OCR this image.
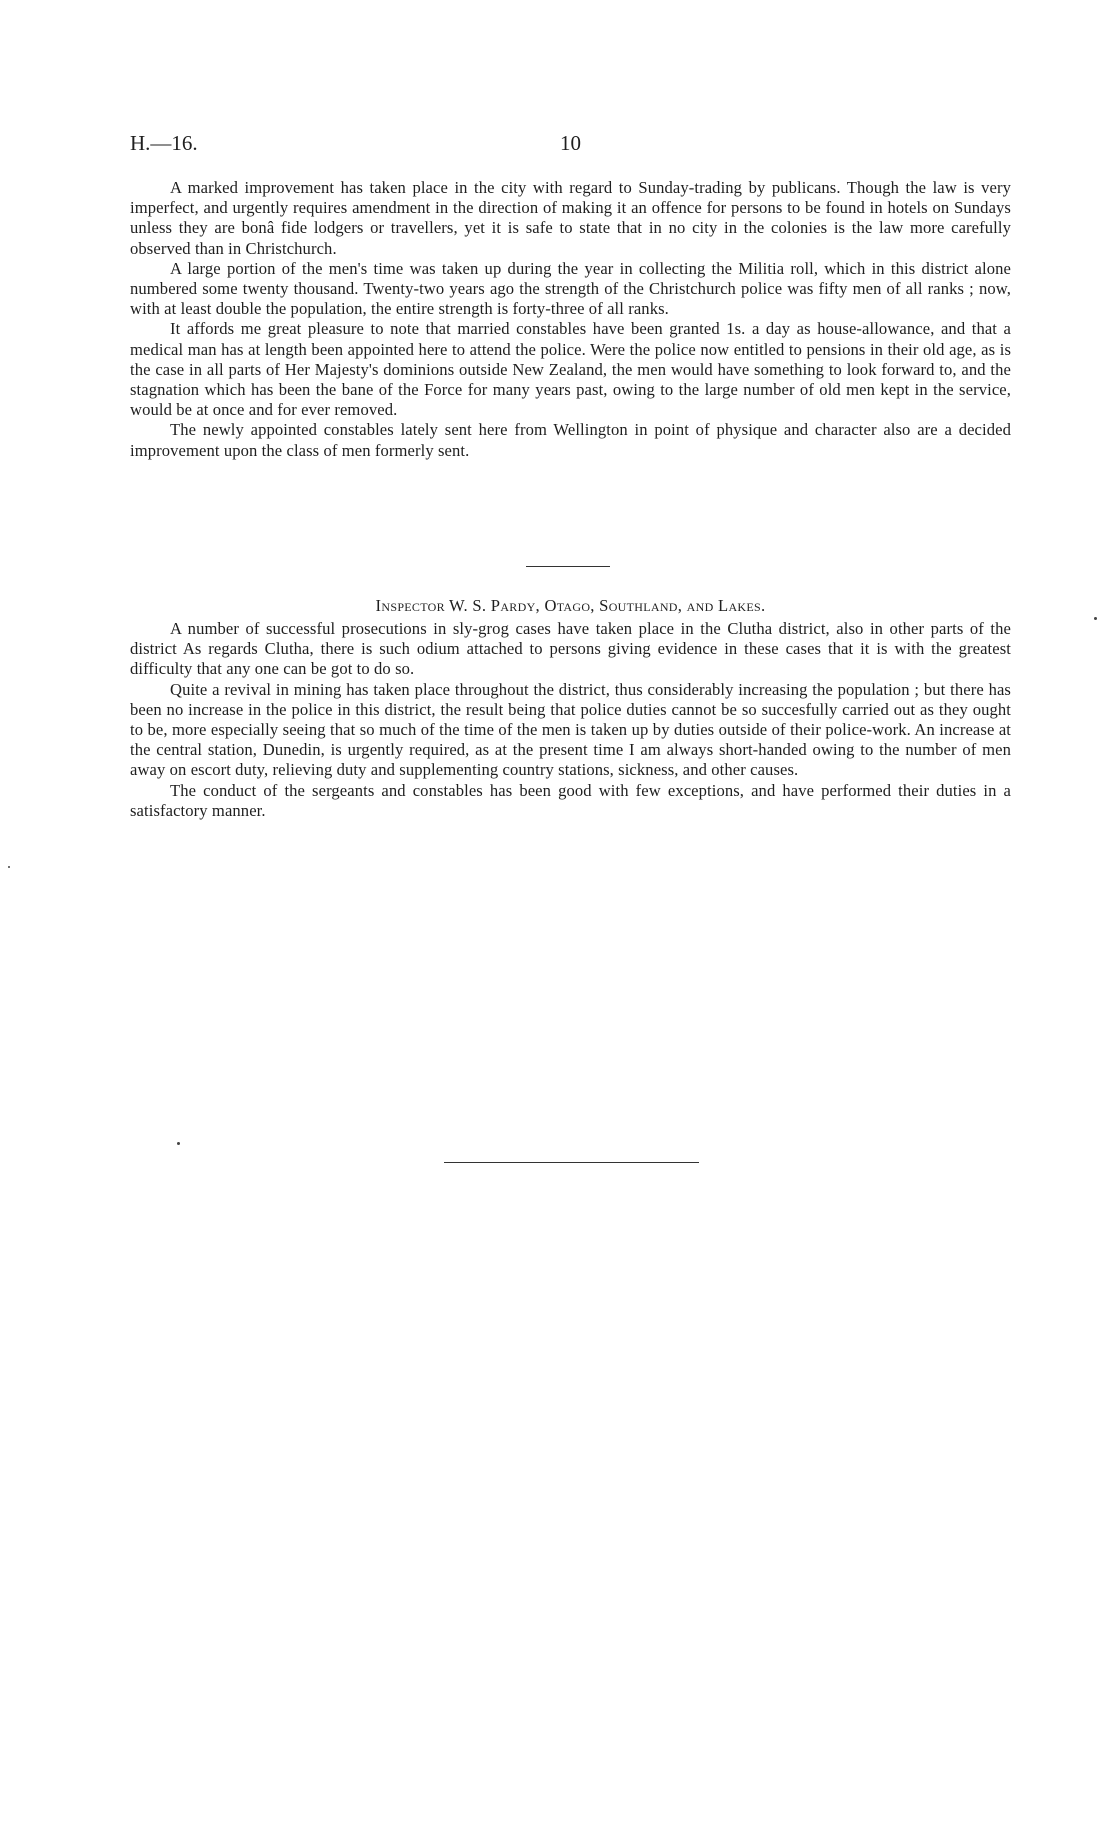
H.—16.	10

A marked improvement has taken place in the city with regard to Sunday-trading by publicans. Though the law is very imperfect, and urgently requires amendment in the direction of making it an offence for persons to be found in hotels on Sundays unless they are bonâ fide lodgers or travellers, yet it is safe to state that in no city in the colonies is the law more carefully observed than in Christchurch.

A large portion of the men's time was taken up during the year in collecting the Militia roll, which in this district alone numbered some twenty thousand. Twenty-two years ago the strength of the Christchurch police was fifty men of all ranks ; now, with at least double the population, the entire strength is forty-three of all ranks.

It affords me great pleasure to note that married constables have been granted 1s. a day as house-allowance, and that a medical man has at length been appointed here to attend the police. Were the police now entitled to pensions in their old age, as is the case in all parts of Her Majesty's dominions outside New Zealand, the men would have something to look forward to, and the stagnation which has been the bane of the Force for many years past, owing to the large number of old men kept in the service, would be at once and for ever removed.

The newly appointed constables lately sent here from Wellington in point of physique and character also are a decided improvement upon the class of men formerly sent.

Inspector W. S. Pardy, Otago, Southland, and Lakes.

A number of successful prosecutions in sly-grog cases have taken place in the Clutha district, also in other parts of the district As regards Clutha, there is such odium attached to persons giving evidence in these cases that it is with the greatest difficulty that any one can be got to do so.

Quite a revival in mining has taken place throughout the district, thus considerably increasing the population ; but there has been no increase in the police in this district, the result being that police duties cannot be so succesfully carried out as they ought to be, more especially seeing that so much of the time of the men is taken up by duties outside of their police-work. An increase at the central station, Dunedin, is urgently required, as at the present time I am always short-handed owing to the number of men away on escort duty, relieving duty and supplementing country stations, sickness, and other causes.

The conduct of the sergeants and constables has been good with few exceptions, and have performed their duties in a satisfactory manner.
